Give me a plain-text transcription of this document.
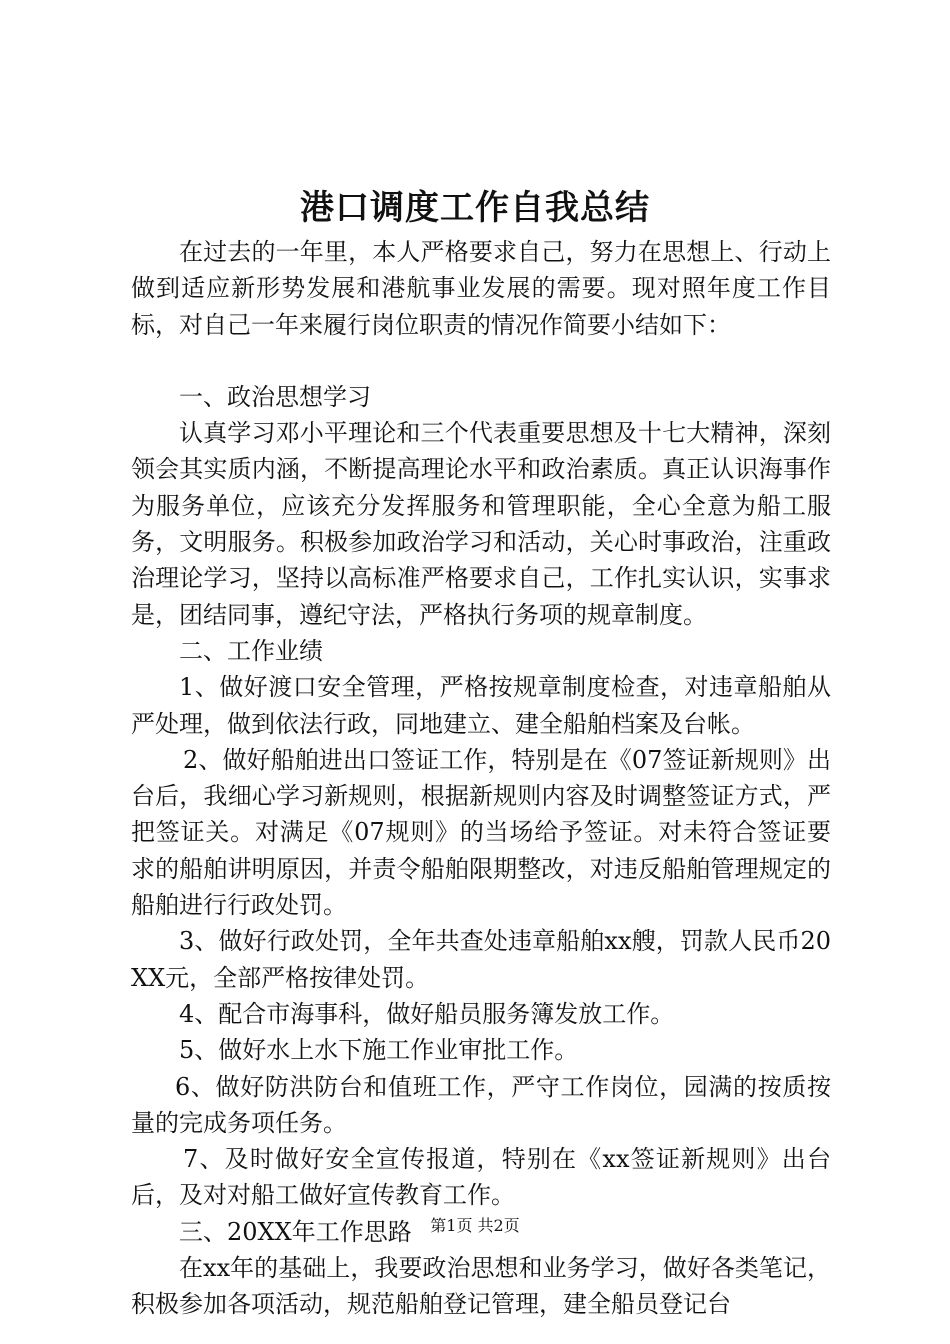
港口调度工作自我总结

在过去的一年里，本人严格要求自己，努力在思想上、行动上做到适应新形势发展和港航事业发展的需要。现对照年度工作目标，对自己一年来履行岗位职责的情况作简要小结如下：

一、政治思想学习

认真学习邓小平理论和三个代表重要思想及十七大精神，深刻领会其实质内涵，不断提高理论水平和政治素质。真正认识海事作为服务单位，应该充分发挥服务和管理职能，全心全意为船工服务，文明服务。积极参加政治学习和活动，关心时事政治，注重政治理论学习，坚持以高标准严格要求自己，工作扎实认识，实事求是，团结同事，遵纪守法，严格执行务项的规章制度。

二、工作业绩

1、做好渡口安全管理，严格按规章制度检查，对违章船舶从严处理，做到依法行政，同地建立、建全船舶档案及台帐。

2、做好船舶进出口签证工作，特别是在《07签证新规则》出台后，我细心学习新规则，根据新规则内容及时调整签证方式，严把签证关。对满足《07规则》的当场给予签证。对未符合签证要求的船舶讲明原因，并责令船舶限期整改，对违反船舶管理规定的船舶进行行政处罚。

3、做好行政处罚，全年共查处违章船舶xx艘，罚款人民币20XX元，全部严格按律处罚。

4、配合市海事科，做好船员服务簿发放工作。

5、做好水上水下施工作业审批工作。

6、做好防洪防台和值班工作，严守工作岗位，园满的按质按量的完成务项任务。

7、及时做好安全宣传报道，特别在《xx签证新规则》出台后，及对对船工做好宣传教育工作。

三、20XX年工作思路

在xx年的基础上，我要政治思想和业务学习，做好各类笔记，积极参加各项活动，规范船舶登记管理，建全船员登记台

第1页 共2页
